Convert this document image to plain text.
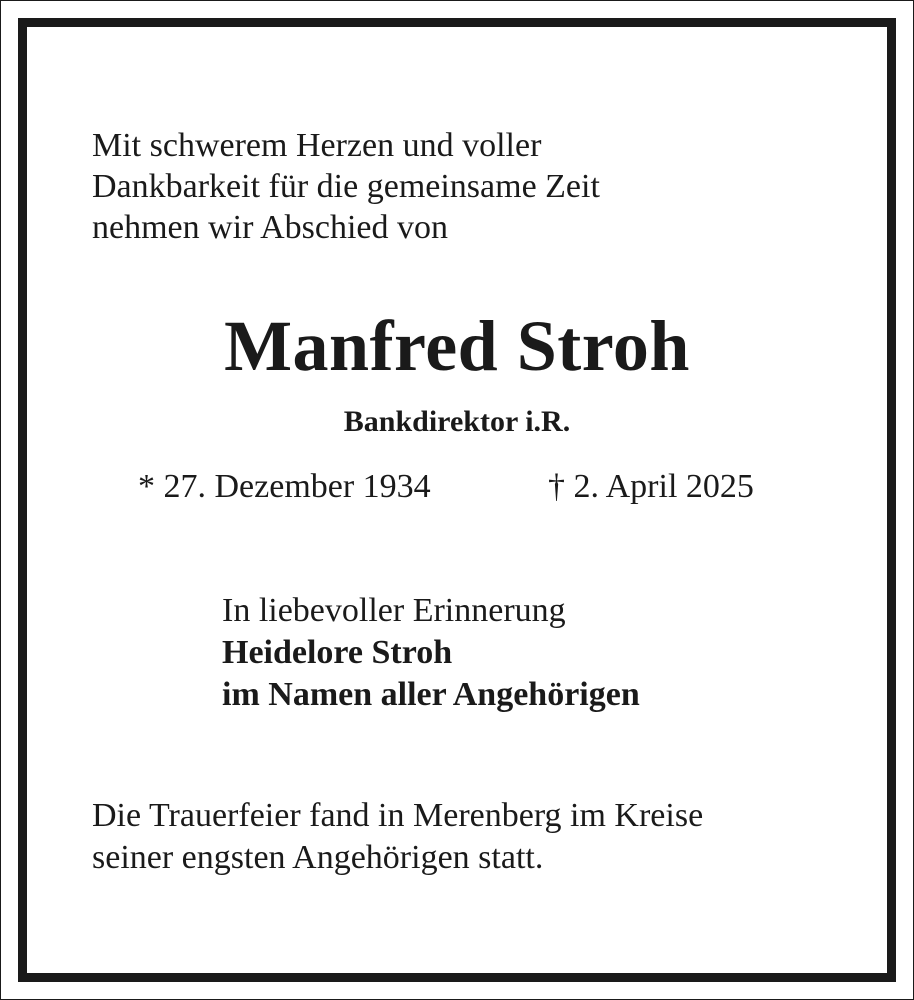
Mit schwerem Herzen und voller
Dankbarkeit für die gemeinsame Zeit
nehmen wir Abschied von

Manfred Stroh
Bankdirektor i.R.
* 27. Dezember 1934	† 2. April 2025
In liebevoller Erinnerung
Heidelore Stroh
im Namen aller Angehörigen
Die Trauerfeier fand in Merenberg im Kreise
seiner engsten Angehörigen statt.
